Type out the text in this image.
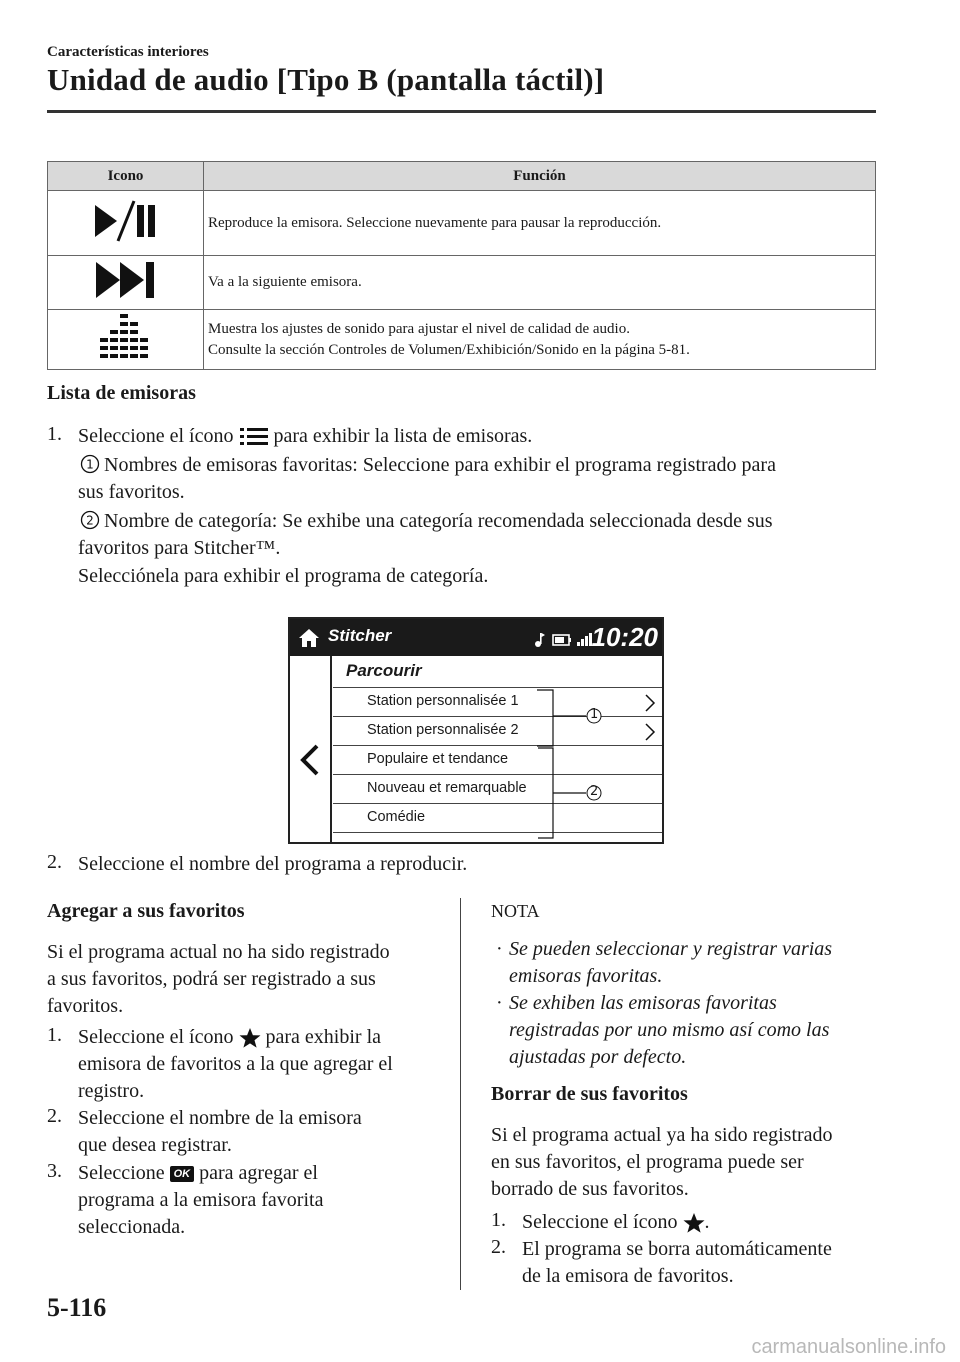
Características interiores
Unidad de audio [Tipo B (pantalla táctil)]
Icono	Función
	Reproduce la emisora. Seleccione nuevamente para pausar la reproducción.
	Va a la siguiente emisora.

Muestra los ajustes de sonido para ajustar el nivel de calidad de audio.
Consulte la sección Controles de Volumen/Exhibición/Sonido en la página 5-81.
Lista de emisoras
1. Seleccione el ícono para exhibir la lista de emisoras.
1 Nombres de emisoras favoritas: Seleccione para exhibir el programa registrado para
sus favoritos.
2 Nombre de categoría: Se exhibe una categoría recomendada seleccionada desde sus
favoritos para Stitcher™.
Selecciónela para exhibir el programa de categoría.
Stitcher	10:20
Parcourir
Station personnalisée 1
Station personnalisée 2
Populaire et tendance
Nouveau et remarquable
Comédie
1
2
2. Seleccione el nombre del programa a reproducir.
Agregar a sus favoritos
Si el programa actual no ha sido registrado
a sus favoritos, podrá ser registrado a sus
favoritos.
1. Seleccione el ícono para exhibir la
emisora de favoritos a la que agregar el
registro.
2. Seleccione el nombre de la emisora
que desea registrar.
3. Seleccione OK para agregar el
programa a la emisora favorita
seleccionada.
NOTA
· Se pueden seleccionar y registrar varias
emisoras favoritas.
· Se exhiben las emisoras favoritas
registradas por uno mismo así como las
ajustadas por defecto.
Borrar de sus favoritos
Si el programa actual ya ha sido registrado
en sus favoritos, el programa puede ser
borrado de sus favoritos.
1. Seleccione el ícono .
2. El programa se borra automáticamente
de la emisora de favoritos.
5-116
carmanualsonline.info
